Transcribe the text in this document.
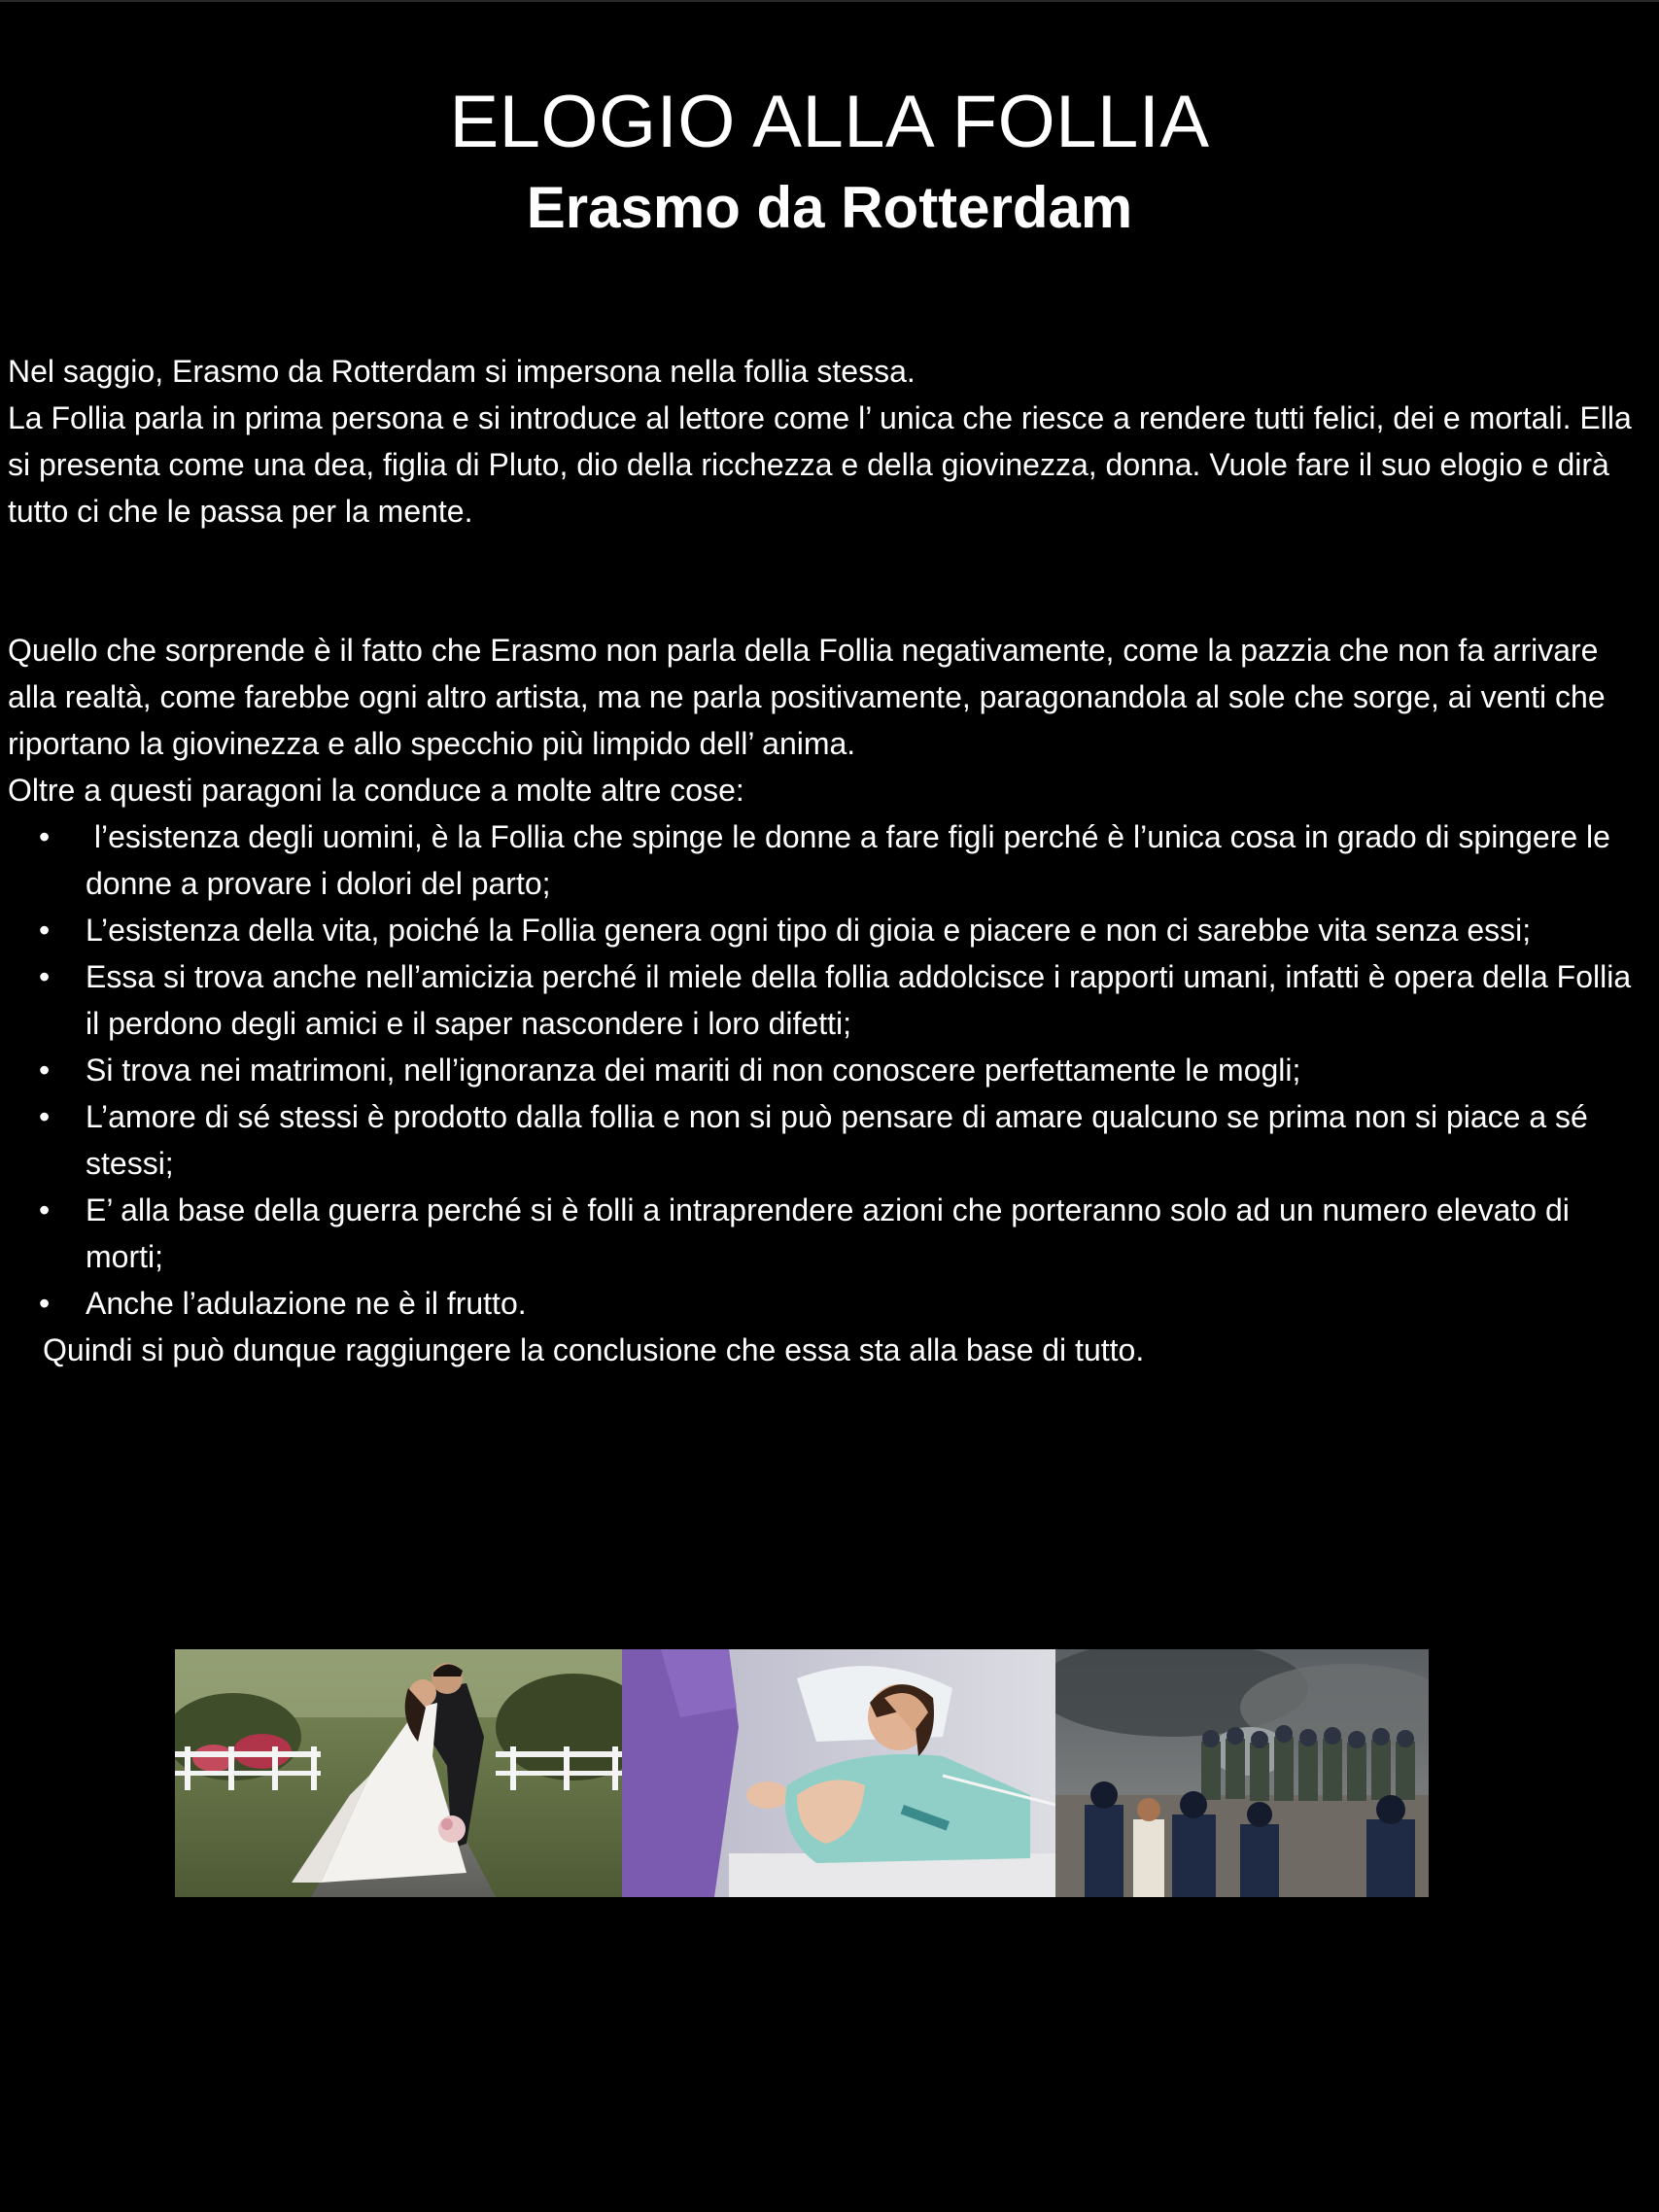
ELOGIO ALLA FOLLIA
Erasmo da Rotterdam

Nel saggio, Erasmo da Rotterdam si impersona nella follia stessa.

La Follia parla in prima persona e si introduce al lettore come l’ unica che riesce a rendere tutti felici, dei e mortali. Ella si presenta come una dea, figlia di Pluto, dio della ricchezza e della giovinezza, donna. Vuole fare il suo elogio e dirà tutto ci che le passa per la mente.

Quello che sorprende è il fatto che Erasmo non parla della Follia negativamente, come la pazzia che non fa arrivare alla realtà, come farebbe ogni altro artista, ma ne parla positivamente, paragonandola al sole che sorge, ai venti che riportano la giovinezza e allo specchio più limpido dell’ anima.

Oltre a questi paragoni la conduce a molte altre cose:

• l’esistenza degli uomini, è la Follia che spinge le donne a fare figli perché è l’unica cosa in grado di spingere le donne a provare i dolori del parto;
• L’esistenza della vita, poiché la Follia genera ogni tipo di gioia e piacere e non ci sarebbe vita senza essi;
• Essa si trova anche nell’amicizia perché il miele della follia addolcisce i rapporti umani, infatti è opera della Follia il perdono degli amici e il saper nascondere i loro difetti;
• Si trova nei matrimoni, nell’ignoranza dei mariti di non conoscere perfettamente le mogli;
• L’amore di sé stessi è prodotto dalla follia e non si può pensare di amare qualcuno se prima non si piace a sé stessi;
• E’ alla base della guerra perché si è folli a intraprendere azioni che porteranno solo ad un numero elevato di morti;
• Anche l’adulazione ne è il frutto.

Quindi si può dunque raggiungere la conclusione che essa sta alla base di tutto.
